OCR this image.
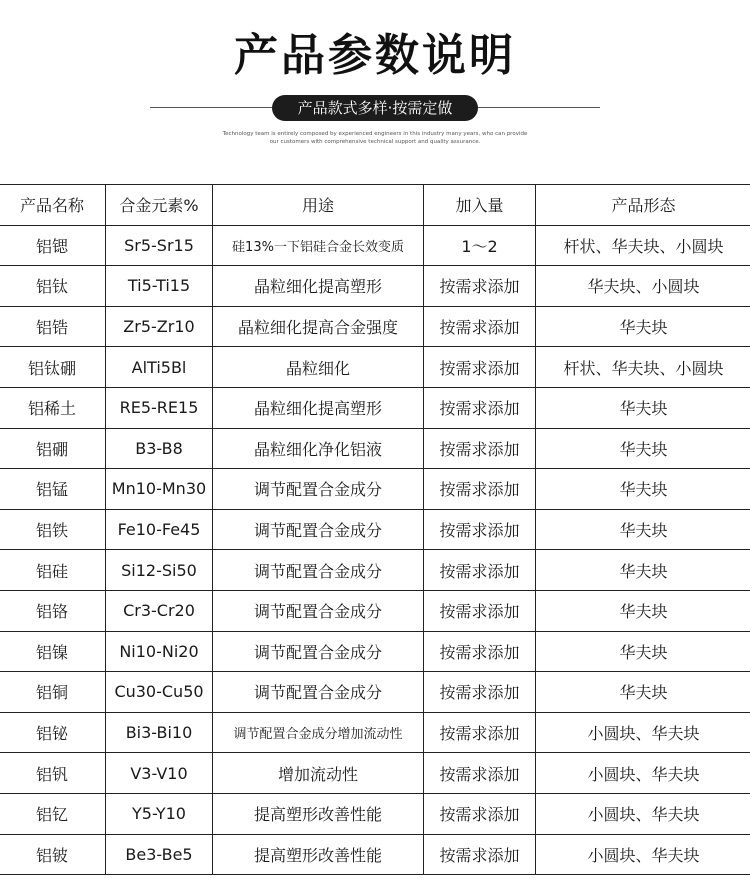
产品参数说明
产品款式多样·按需定做
Technology team is entirely composed by experienced engineers in this industry many years, who can provide
our customers with comprehensive technical support and quality assurance.
产品名称	合金元素%	用途	加入量	产品形态
铝锶	Sr5-Sr15	硅13%一下铝硅合金长效变质	1～2	杆状、华夫块、小圆块
铝钛	Ti5-Ti15	晶粒细化提高塑形	按需求添加	华夫块、小圆块
铝锆	Zr5-Zr10	晶粒细化提高合金强度	按需求添加	华夫块
铝钛硼	AlTi5Bl	晶粒细化	按需求添加	杆状、华夫块、小圆块
铝稀土	RE5-RE15	晶粒细化提高塑形	按需求添加	华夫块
铝硼	B3-B8	晶粒细化净化铝液	按需求添加	华夫块
铝锰	Mn10-Mn30	调节配置合金成分	按需求添加	华夫块
铝铁	Fe10-Fe45	调节配置合金成分	按需求添加	华夫块
铝硅	Si12-Si50	调节配置合金成分	按需求添加	华夫块
铝铬	Cr3-Cr20	调节配置合金成分	按需求添加	华夫块
铝镍	Ni10-Ni20	调节配置合金成分	按需求添加	华夫块
铝铜	Cu30-Cu50	调节配置合金成分	按需求添加	华夫块
铝铋	Bi3-Bi10	调节配置合金成分增加流动性	按需求添加	小圆块、华夫块
铝钒	V3-V10	增加流动性	按需求添加	小圆块、华夫块
铝钇	Y5-Y10	提高塑形改善性能	按需求添加	小圆块、华夫块
铝铍	Be3-Be5	提高塑形改善性能	按需求添加	小圆块、华夫块
